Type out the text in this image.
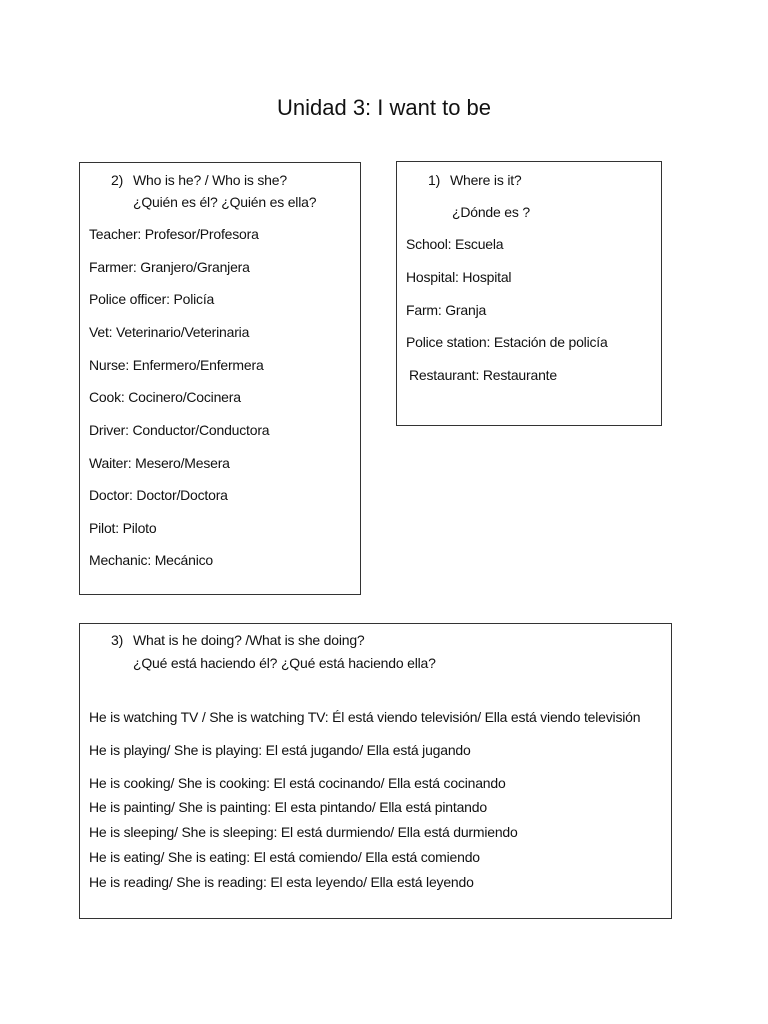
Unidad 3: I want to be
2) Who is he? / Who is she?
¿Quién es él? ¿Quién es ella?
Teacher: Profesor/Profesora
Farmer: Granjero/Granjera
Police officer: Policía
Vet: Veterinario/Veterinaria
Nurse: Enfermero/Enfermera
Cook: Cocinero/Cocinera
Driver: Conductor/Conductora
Waiter: Mesero/Mesera
Doctor: Doctor/Doctora
Pilot: Piloto
Mechanic: Mecánico
1) Where is it?
¿Dónde es ?
School: Escuela
Hospital: Hospital
Farm: Granja
Police station: Estación de policía
Restaurant: Restaurante
3) What is he doing? /What is she doing?
¿Qué está haciendo él? ¿Qué está haciendo ella?
He is watching TV / She is watching TV: Él está viendo televisión/ Ella está viendo televisión
He is playing/ She is playing: El está jugando/ Ella está jugando
He is cooking/ She is cooking: El está cocinando/ Ella está cocinando
He is painting/ She is painting: El esta pintando/ Ella está pintando
He is sleeping/ She is sleeping: El está durmiendo/ Ella está durmiendo
He is eating/ She is eating: El está comiendo/ Ella está comiendo
He is reading/ She is reading: El esta leyendo/ Ella está leyendo
